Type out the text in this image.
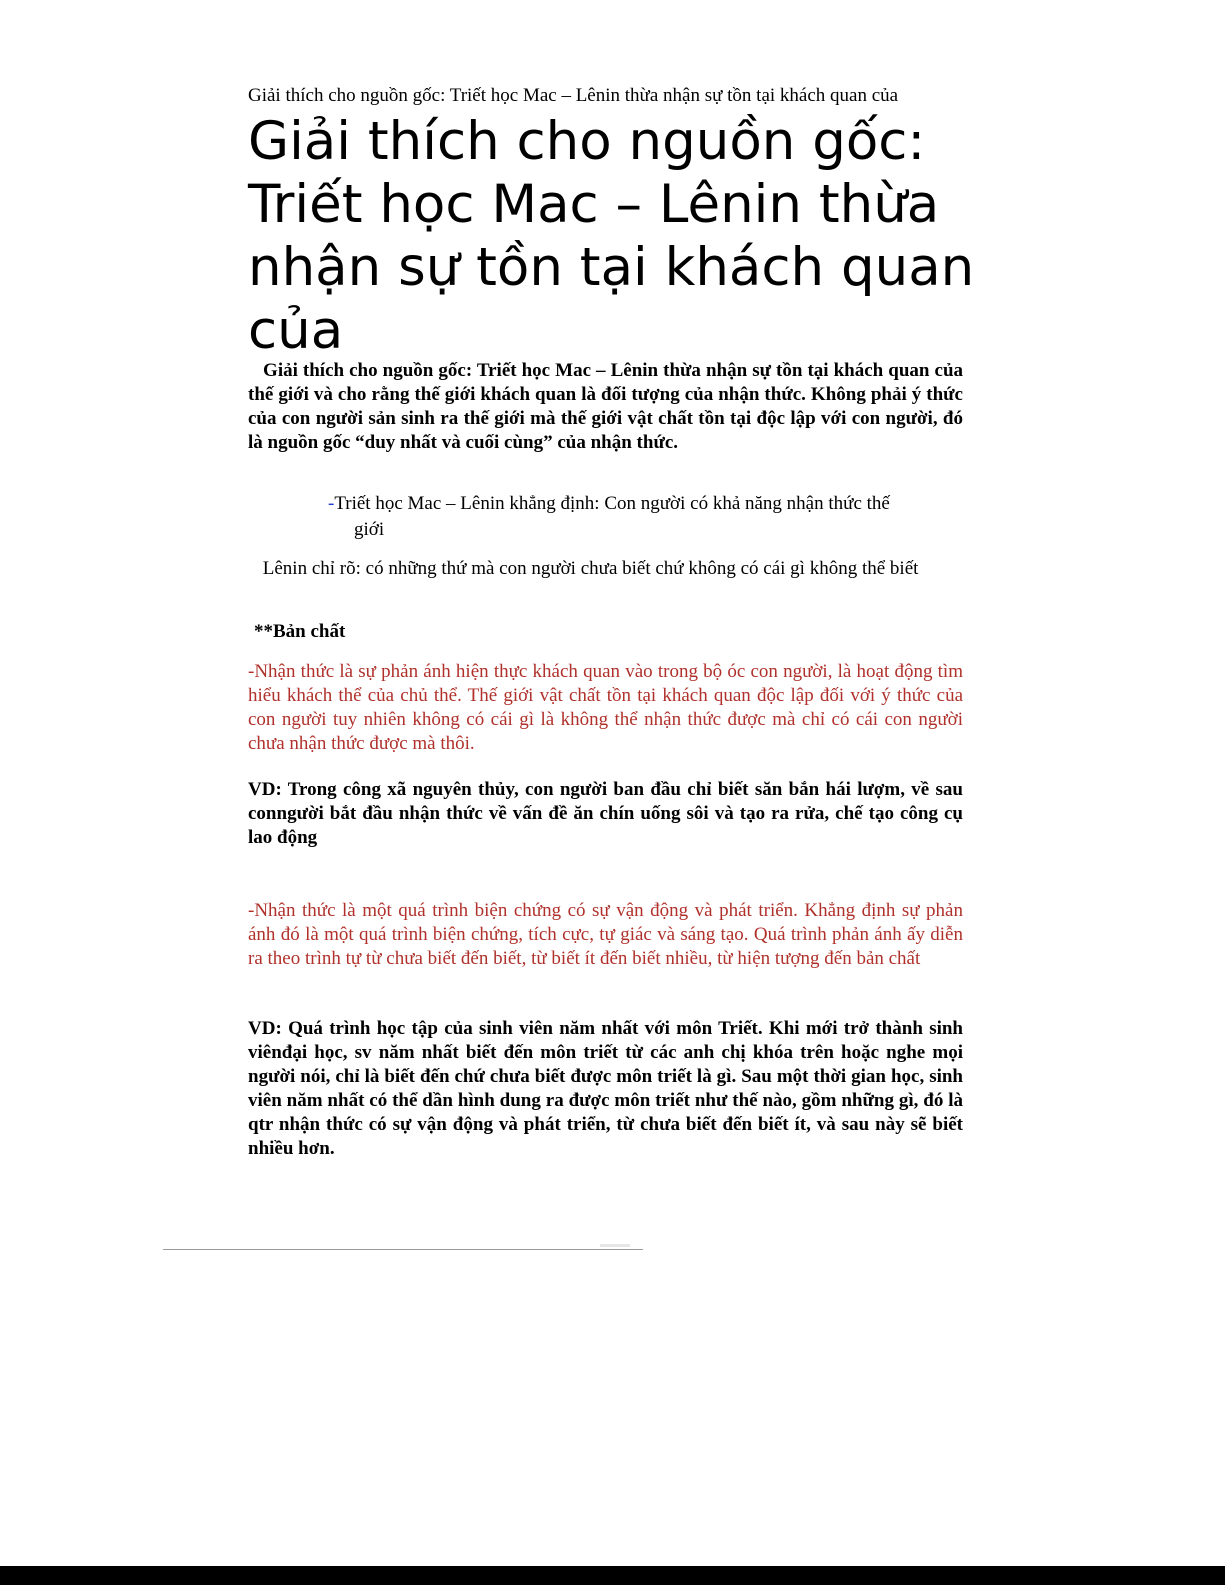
Giải thích cho nguồn gốc: Triết học Mac – Lênin thừa nhận sự tồn tại khách quan của
Giải thích cho nguồn gốc: Triết học Mac – Lênin thừa nhận sự tồn tại khách quan của

Giải thích cho nguồn gốc: Triết học Mac – Lênin thừa nhận sự tồn tại khách quan của thế giới và cho rằng thế giới khách quan là đối tượng của nhận thức. Không phải ý thức của con người sản sinh ra thế giới mà thế giới vật chất tồn tại độc lập với con người, đó là nguồn gốc “duy nhất và cuối cùng” của nhận thức.

-Triết học Mac – Lênin khẳng định: Con người có khả năng nhận thức thế
giới

Lênin chỉ rõ: có những thứ mà con người chưa biết chứ không có cái gì không thể biết

**Bản chất

-Nhận thức là sự phản ánh hiện thực khách quan vào trong bộ óc con người, là hoạt động tìm hiểu khách thể của chủ thể. Thế giới vật chất tồn tại khách quan độc lập đối với ý thức của con người tuy nhiên không có cái gì là không thể nhận thức được mà chỉ có cái con người chưa nhận thức được mà thôi.

VD: Trong công xã nguyên thủy, con người ban đầu chỉ biết săn bắn hái lượm, về sau conngười bắt đầu nhận thức về vấn đề ăn chín uống sôi và tạo ra rửa, chế tạo công cụ lao động

-Nhận thức là một quá trình biện chứng có sự vận động và phát triển. Khẳng định sự phản ánh đó là một quá trình biện chứng, tích cực, tự giác và sáng tạo. Quá trình phản ánh ấy diễn ra theo trình tự từ chưa biết đến biết, từ biết ít đến biết nhiều, từ hiện tượng đến bản chất

VD: Quá trình học tập của sinh viên năm nhất với môn Triết. Khi mới trở thành sinh viênđại học, sv năm nhất biết đến môn triết từ các anh chị khóa trên hoặc nghe mọi người nói, chỉ là biết đến chứ chưa biết được môn triết là gì. Sau một thời gian học, sinh viên năm nhất có thể dần hình dung ra được môn triết như thế nào, gồm những gì, đó là qtr nhận thức có sự vận động và phát triển, từ chưa biết đến biết ít, và sau này sẽ biết nhiều hơn.
